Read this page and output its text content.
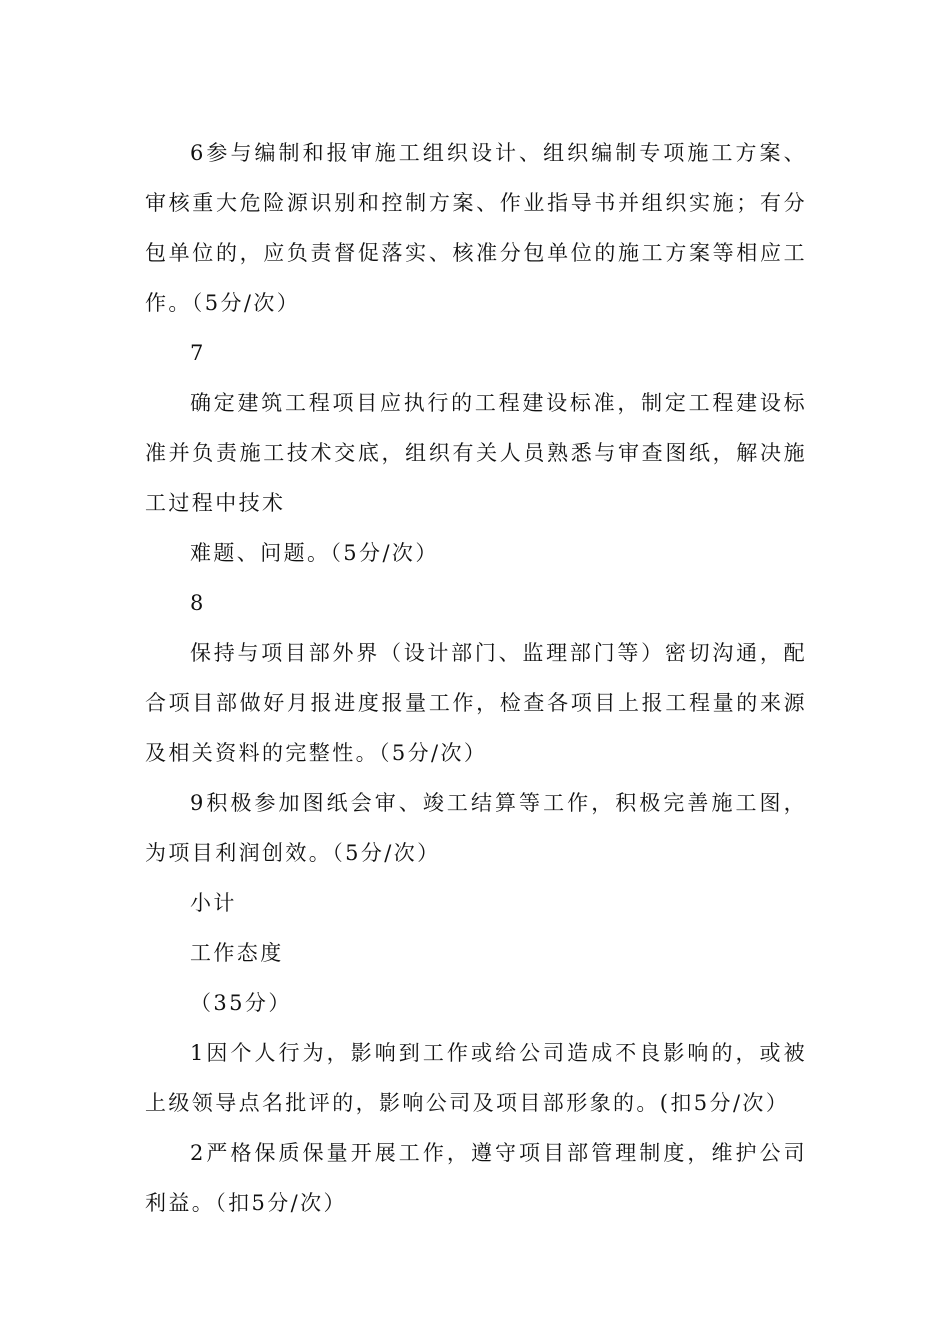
6参与编制和报审施工组织设计、组织编制专项施工方案、审核重大危险源识别和控制方案、作业指导书并组织实施；有分包单位的，应负责督促落实、核准分包单位的施工方案等相应工作。（5分/次）

7

确定建筑工程项目应执行的工程建设标准，制定工程建设标准并负责施工技术交底，组织有关人员熟悉与审查图纸，解决施工过程中技术

难题、问题。（5分/次）

8

保持与项目部外界（设计部门、监理部门等）密切沟通，配合项目部做好月报进度报量工作，检查各项目上报工程量的来源及相关资料的完整性。（5分/次）

9积极参加图纸会审、竣工结算等工作，积极完善施工图，为项目利润创效。（5分/次）

小计

工作态度

（35分）

1因个人行为，影响到工作或给公司造成不良影响的，或被上级领导点名批评的，影响公司及项目部形象的。(扣5分/次）

2严格保质保量开展工作，遵守项目部管理制度，维护公司利益。（扣5分/次）
